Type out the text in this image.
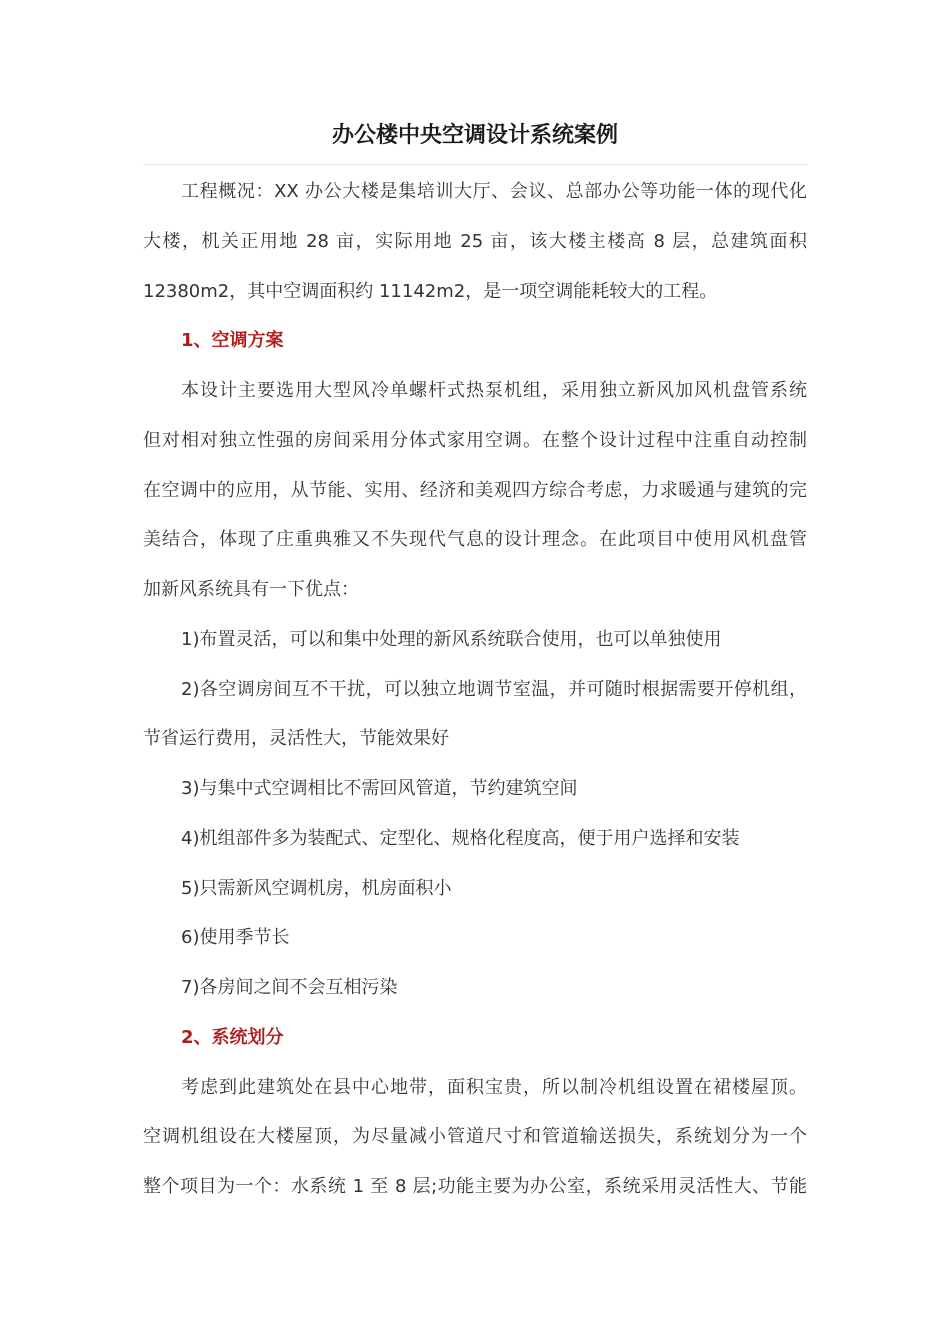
办公楼中央空调设计系统案例
工程概况：XX 办公大楼是集培训大厅、会议、总部办公等功能一体的现代化
大楼，机关正用地 28 亩，实际用地 25 亩，该大楼主楼高 8 层，总建筑面积
12380m2，其中空调面积约 11142m2，是一项空调能耗较大的工程。
1、空调方案
本设计主要选用大型风冷单螺杆式热泵机组，采用独立新风加风机盘管系统
但对相对独立性强的房间采用分体式家用空调。在整个设计过程中注重自动控制
在空调中的应用，从节能、实用、经济和美观四方综合考虑，力求暖通与建筑的完
美结合，体现了庄重典雅又不失现代气息的设计理念。在此项目中使用风机盘管
加新风系统具有一下优点：
1)布置灵活，可以和集中处理的新风系统联合使用，也可以单独使用
2)各空调房间互不干扰，可以独立地调节室温，并可随时根据需要开停机组，
节省运行费用，灵活性大，节能效果好
3)与集中式空调相比不需回风管道，节约建筑空间
4)机组部件多为装配式、定型化、规格化程度高，便于用户选择和安装
5)只需新风空调机房，机房面积小
6)使用季节长
7)各房间之间不会互相污染
2、系统划分
考虑到此建筑处在县中心地带，面积宝贵，所以制冷机组设置在裙楼屋顶。
空调机组设在大楼屋顶，为尽量减小管道尺寸和管道输送损失，系统划分为一个
整个项目为一个：水系统 1 至 8 层;功能主要为办公室，系统采用灵活性大、节能
